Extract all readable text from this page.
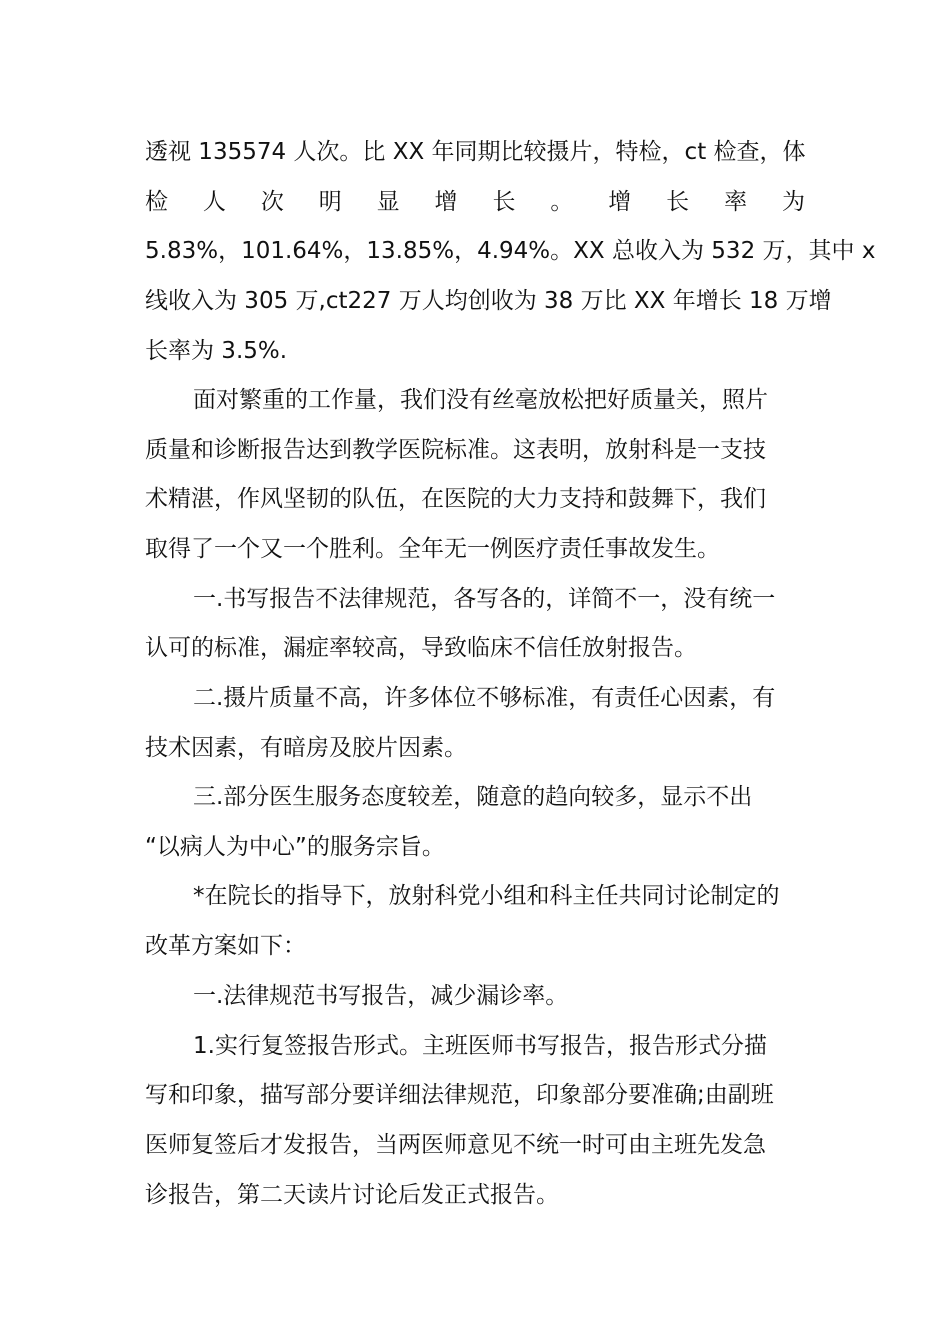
透视 135574 人次。比 XX 年同期比较摄片，特检，ct 检查，体
检 人 次 明 显 增 长 。 增 长 率 为
5.83%，101.64%，13.85%，4.94%。XX 总收入为 532 万，其中 x
线收入为 305 万,ct227 万人均创收为 38 万比 XX 年增长 18 万增
长率为 3.5%.
面对繁重的工作量，我们没有丝毫放松把好质量关，照片
质量和诊断报告达到教学医院标准。这表明，放射科是一支技
术精湛，作风坚韧的队伍，在医院的大力支持和鼓舞下，我们
取得了一个又一个胜利。全年无一例医疗责任事故发生。
一.书写报告不法律规范，各写各的，详简不一，没有统一
认可的标准，漏症率较高，导致临床不信任放射报告。
二.摄片质量不高，许多体位不够标准，有责任心因素，有
技术因素，有暗房及胶片因素。
三.部分医生服务态度较差，随意的趋向较多，显示不出
“以病人为中心”的服务宗旨。
*在院长的指导下，放射科党小组和科主任共同讨论制定的
改革方案如下：
一.法律规范书写报告，减少漏诊率。
1.实行复签报告形式。主班医师书写报告，报告形式分描
写和印象，描写部分要详细法律规范，印象部分要准确;由副班
医师复签后才发报告，当两医师意见不统一时可由主班先发急
诊报告，第二天读片讨论后发正式报告。
